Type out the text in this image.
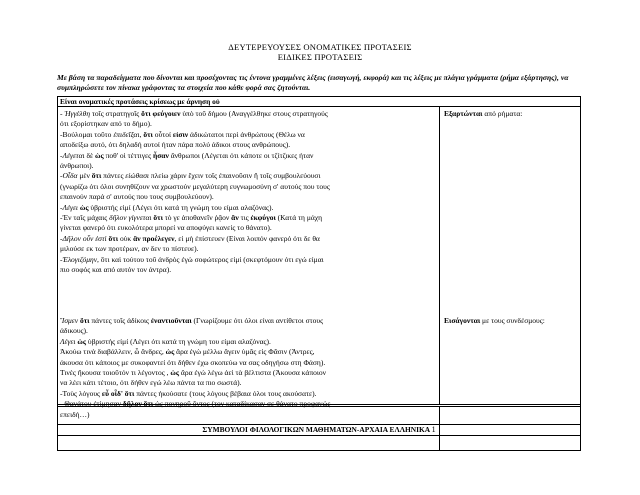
ΔΕΥΤΕΡΕΥΟΥΣΕΣ ΟΝΟΜΑΤΙΚΕΣ ΠΡΟΤΑΣΕΙΣ
ΕΙΔΙΚΕΣ ΠΡΟΤΑΣΕΙΣ
Με βάση τα παραδείγματα που δίνονται και προσέχοντας τις έντονα γραμμένες λέξεις (εισαγωγή, εκφορά) και τις λέξεις με πλάγια γράμματα (ρήμα εξάρτησης), να συμπληρώσετε τον πίνακα γράφοντας τα στοιχεία που κάθε φορά σας ζητούνται.
Είναι ονοματικές προτάσεις κρίσεως με άρνηση οὐ
- Ἠγγέλθη τοῖς στρατηγοῖς ὅτι φεύγοιεν ὑπὸ τοῦ δήμου (Αναγγέλθηκε στους στρατηγούς
ότι εξορίστηκαν από το δήμο).
-Βούλομαι τοῦτο ἐπιδεῖξαι, ὅτι οὗτοί εἰσιν ἀδικώτατοι περὶ ἀνθρώπους (Θέλω να
αποδείξω αυτό, ότι δηλαδή αυτοί ήταν πάρα πολύ άδικοι στους ανθρώπους).
-Λέγεται δὲ ὡς ποθ' οἱ τέττιγες ἦσαν ἄνθρωποι (Λέγεται ότι κάποτε οι τζίτζικες ήταν
άνθρωποι).
-Οἶδα μὲν ὅτι πάντες εἰώθασι πλείω χάριν ἔχειν τοῖς ἐπαινοῦσιν ἢ τοῖς συμβουλεύουσι
(γνωρίζω ότι όλοι συνηθίζουν να χρωστούν μεγαλύτερη ευγνωμοσύνη σ' αυτούς που τους
επαινούν παρά σ' αυτούς που τους συμβουλεύουν).
-Λέγει ὡς ὑβριστής εἰμί (Λέγει ότι κατά τη γνώμη του είμαι αλαζόνας).
-Ἐν ταῖς μάχαις δῆλον γίγνεται ὅτι τὸ γε ἀποθανεῖν ῥᾷον ἄν τις ἐκφύγοι (Κατά τη μάχη
γίνεται φανερό ότι ευκολότερα μπορεί να αποφύγει κανείς το θάνατο).
-Δῆλον οὖν ἐστὶ ὅτι οὐκ ἂν προέλεγεν, εἰ μὴ ἐπίστευεν (Είναι λοιπόν φανερό ότι δε θα
μιλούσε εκ των προτέρων, αν δεν το πίστευε).
-Ἐλογιζόμην, ὅτι καὶ τούτου τοῦ ἀνδρὸς ἐγὼ σοφώτερος εἰμί (σκεφτόμουν ότι εγώ είμαι
πιο σοφός και από αυτόν τον άντρα).
Εξαρτώνται από ρήματα:
Ἴσμεν ὅτι πάντες τοῖς ἀδίκοις ἐναντιοῦνται (Γνωρίζουμε ότι όλοι είναι αντίθετοι στους
άδικους).
Λέγει ὡς ὑβριστής εἰμί (Λέγει ότι κατά τη γνώμη του είμαι αλαζόνας).
Ἀκούω τινὰ διαβάλλειν, ὦ ἄνδρες, ὡς ἄρα ἐγὼ μέλλω ἄγειν ὑμᾶς εἰς Φᾶσιν (Άντρες,
άκουσα ότι κάποιος με συκοφαντεί ότι δήθεν έχω σκοπεύω να σας οδηγήσω στη Φάση).
Τινὲς ἤκουσα τοιοῦτόν τι λέγοντος , ὡς ἄρα ἐγὼ λέγω ἀεὶ τὰ βέλτιστα (Άκουσα κάποιον
να λέει κάτι τέτοιο, ότι δήθεν εγώ λέω πάντα τα πιο σωστά).
-Τοὺς λόγους εὖ οἶδ' ὅτι πάντες ἠκούσατε (τους λόγους βέβαια όλοι τους ακούσατε).
- Θανάτου ἐτίμησαν δῆλον ὅτι ὡς πονηροῦ ὄντος (τον καταδίκασαν σε θάνατο προφανώς
επειδή…)
Εισάγονται με τους συνδέσμους:
ΣΥΜΒΟΥΛΟΙ ΦΙΛΟΛΟΓΙΚΩΝ ΜΑΘΗΜΑΤΩΝ-ΑΡΧΑΙΑ ΕΛΛΗΝΙΚΑ 1
